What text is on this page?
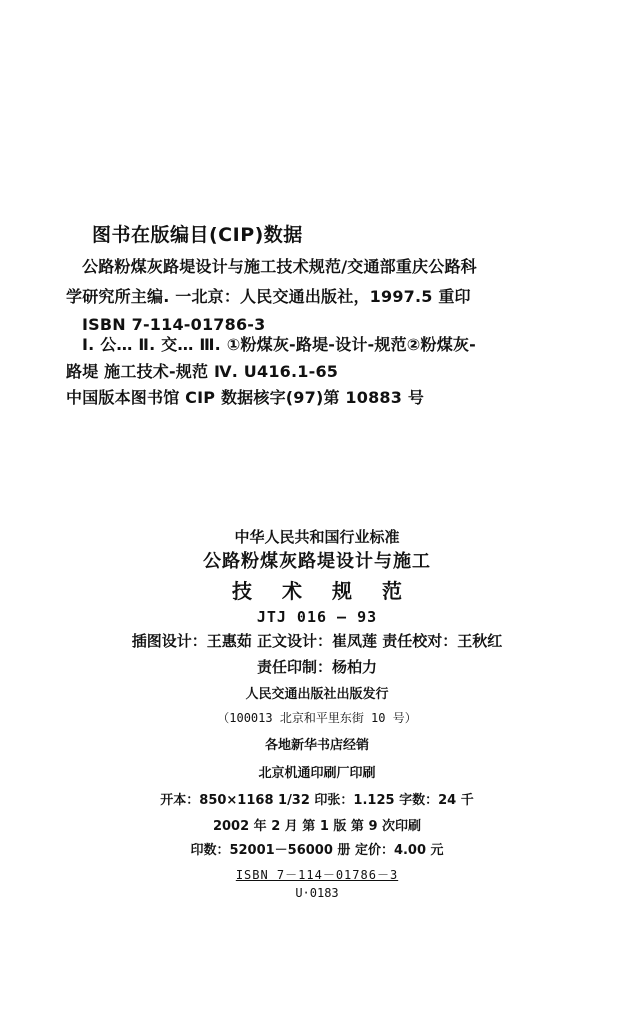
图书在版编目(CIP)数据
公路粉煤灰路堤设计与施工技术规范/交通部重庆公路科
学研究所主编. 一北京：人民交通出版社，1997.5 重印
ISBN 7-114-01786-3
Ⅰ. 公… Ⅱ. 交… Ⅲ. ①粉煤灰-路堤-设计-规范②粉煤灰-
路堤 施工技术-规范 Ⅳ. U416.1-65
中国版本图书馆 CIP 数据核字(97)第 10883 号
中华人民共和国行业标准
公路粉煤灰路堤设计与施工
技术规范
JTJ 016 — 93
插图设计：王惠茹 正文设计：崔凤莲 责任校对：王秋红
责任印制：杨柏力
人民交通出版社出版发行
（100013 北京和平里东街 10 号）
各地新华书店经销
北京机通印刷厂印刷
开本：850×1168 1/32 印张：1.125 字数：24 千
2002 年 2 月 第 1 版 第 9 次印刷
印数：52001－56000 册 定价：4.00 元
ISBN 7－114－01786－3
U·0183
